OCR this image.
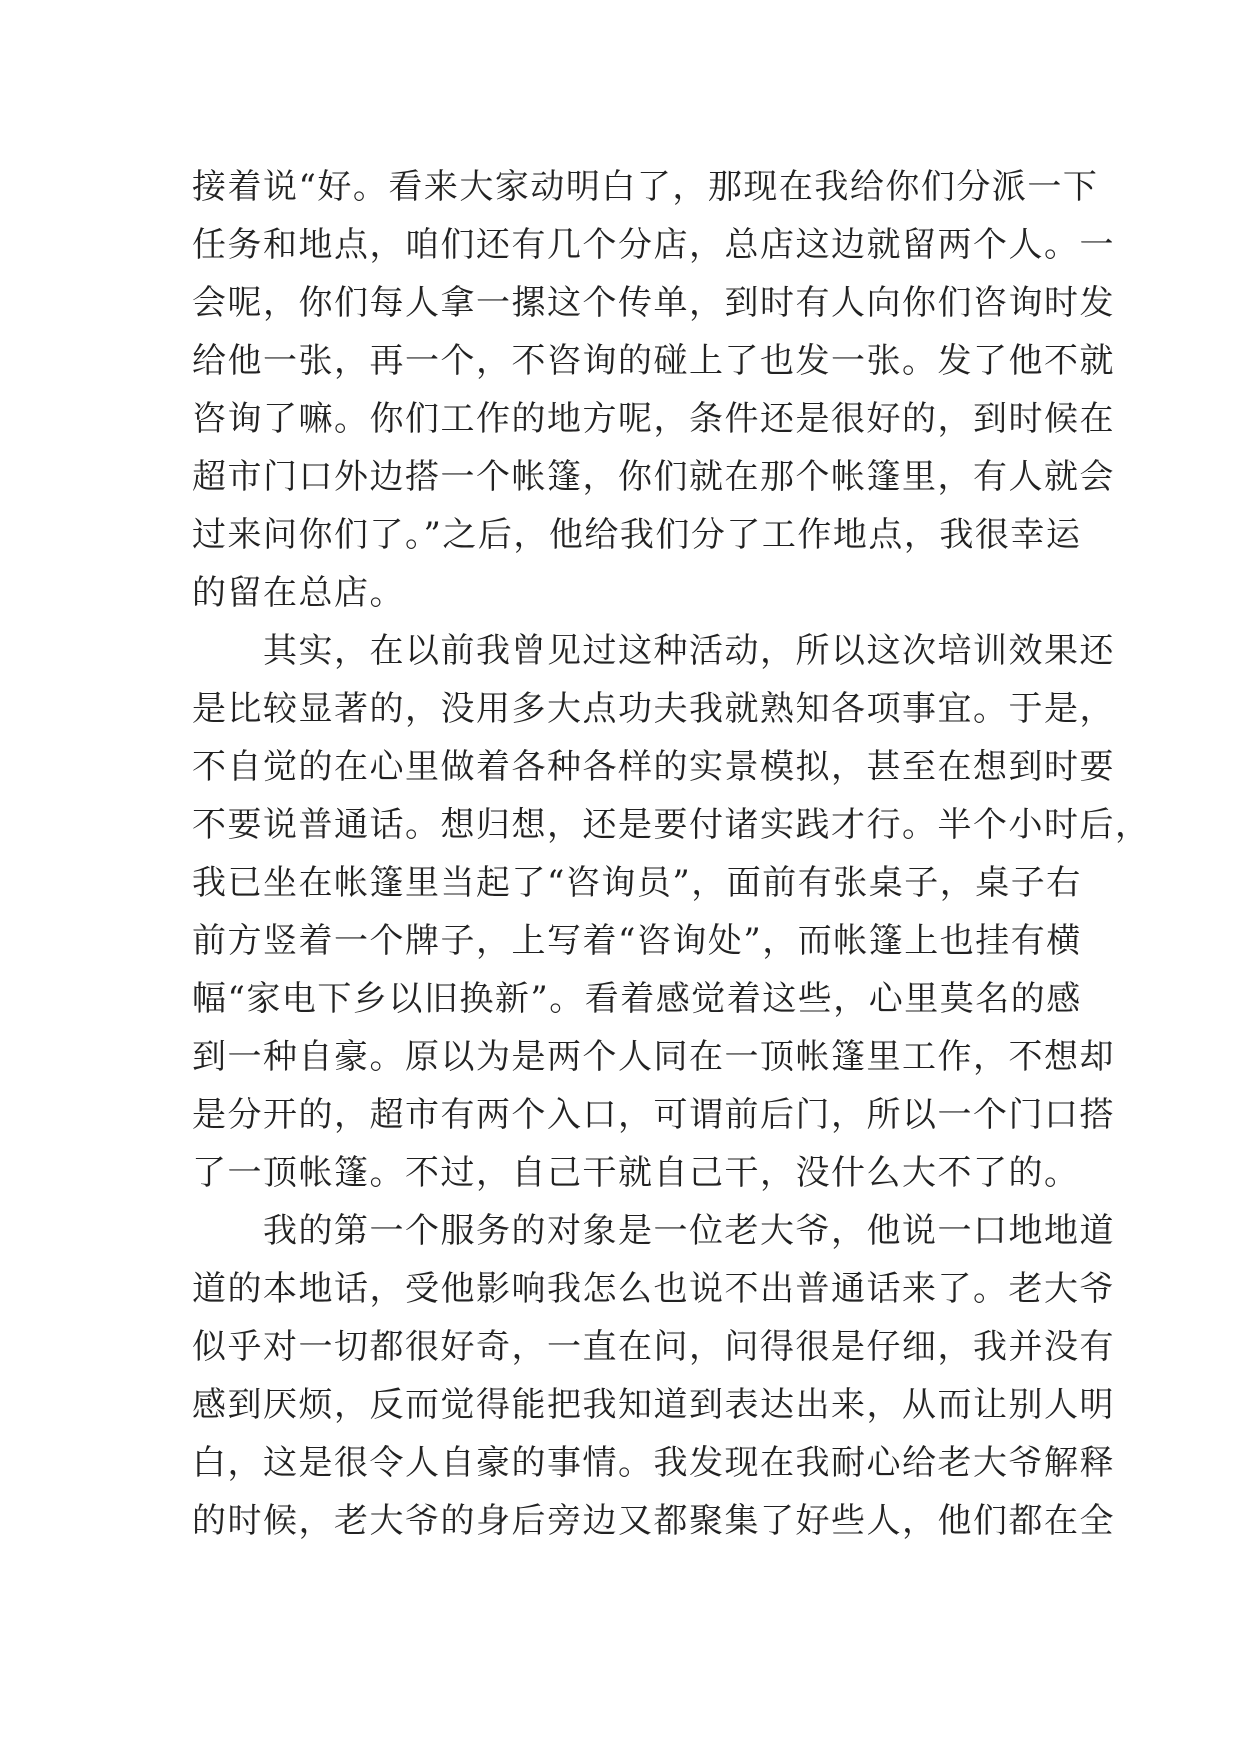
接着说“好。看来大家动明白了，那现在我给你们分派一下
任务和地点，咱们还有几个分店，总店这边就留两个人。一
会呢，你们每人拿一摞这个传单，到时有人向你们咨询时发
给他一张，再一个，不咨询的碰上了也发一张。发了他不就
咨询了嘛。你们工作的地方呢，条件还是很好的，到时候在
超市门口外边搭一个帐篷，你们就在那个帐篷里，有人就会
过来问你们了。”之后，他给我们分了工作地点，我很幸运
的留在总店。
　　其实，在以前我曾见过这种活动，所以这次培训效果还
是比较显著的，没用多大点功夫我就熟知各项事宜。于是，
不自觉的在心里做着各种各样的实景模拟，甚至在想到时要
不要说普通话。想归想，还是要付诸实践才行。半个小时后，
我已坐在帐篷里当起了“咨询员”，面前有张桌子，桌子右
前方竖着一个牌子，上写着“咨询处”，而帐篷上也挂有横
幅“家电下乡以旧换新”。看着感觉着这些，心里莫名的感
到一种自豪。原以为是两个人同在一顶帐篷里工作，不想却
是分开的，超市有两个入口，可谓前后门，所以一个门口搭
了一顶帐篷。不过，自己干就自己干，没什么大不了的。
　　我的第一个服务的对象是一位老大爷，他说一口地地道
道的本地话，受他影响我怎么也说不出普通话来了。老大爷
似乎对一切都很好奇，一直在问，问得很是仔细，我并没有
感到厌烦，反而觉得能把我知道到表达出来，从而让别人明
白，这是很令人自豪的事情。我发现在我耐心给老大爷解释
的时候，老大爷的身后旁边又都聚集了好些人，他们都在全
